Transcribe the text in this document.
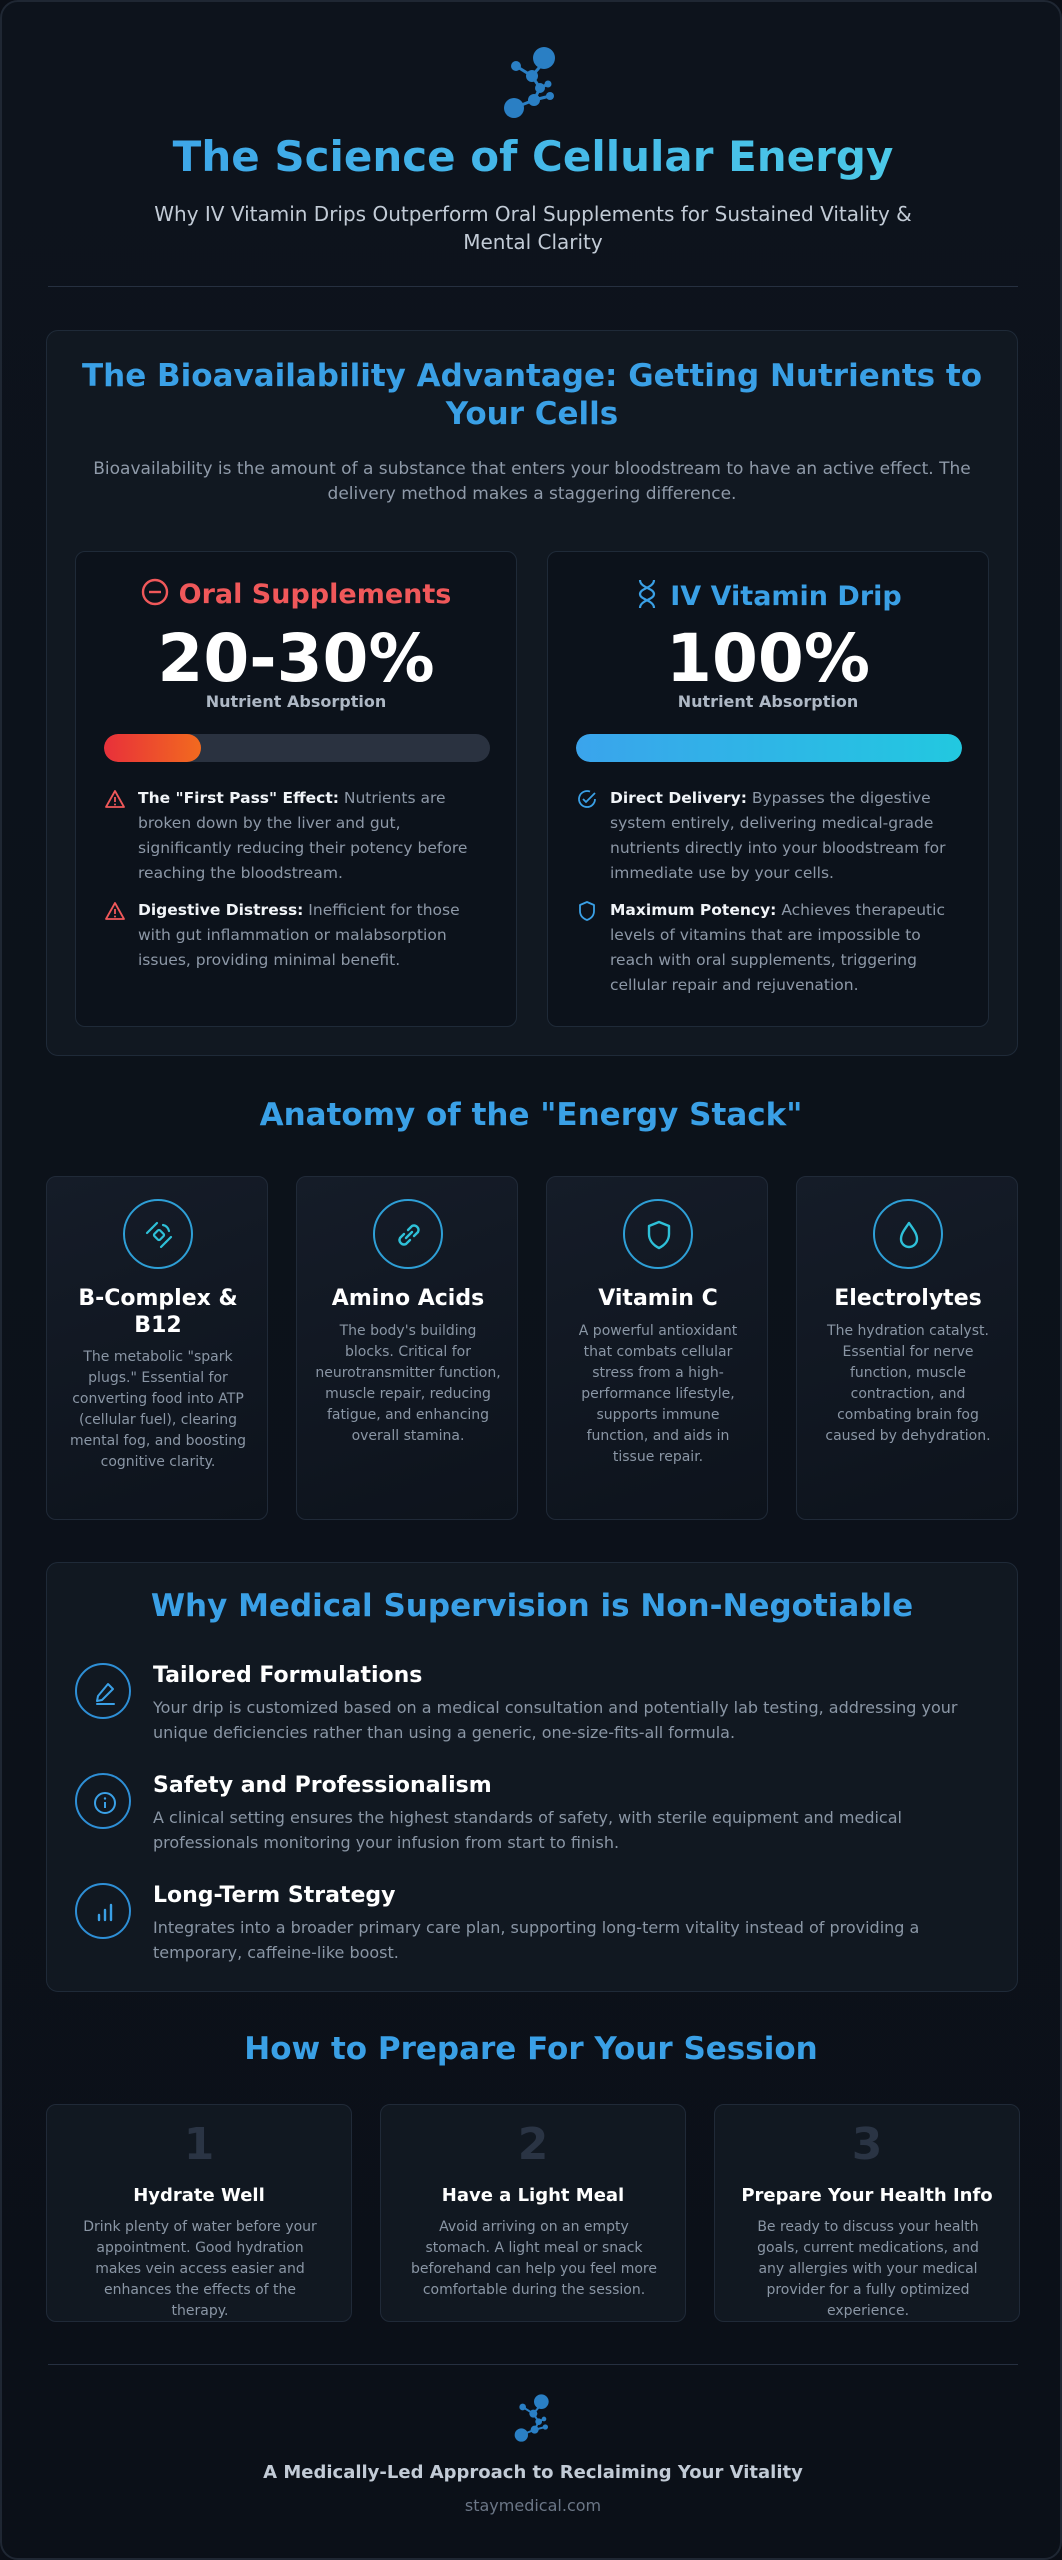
The Science of Cellular Energy
Why IV Vitamin Drips Outperform Oral Supplements for Sustained Vitality & Mental Clarity
The Bioavailability Advantage: Getting Nutrients to Your Cells
Bioavailability is the amount of a substance that enters your bloodstream to have an active effect. The delivery method makes a staggering difference.
Oral Supplements
20-30%
Nutrient Absorption
The "First Pass" Effect: Nutrients are broken down by the liver and gut, significantly reducing their potency before reaching the bloodstream.
Digestive Distress: Inefficient for those with gut inflammation or malabsorption issues, providing minimal benefit.
IV Vitamin Drip
100%
Nutrient Absorption
Direct Delivery: Bypasses the digestive system entirely, delivering medical-grade nutrients directly into your bloodstream for immediate use by your cells.
Maximum Potency: Achieves therapeutic levels of vitamins that are impossible to reach with oral supplements, triggering cellular repair and rejuvenation.
Anatomy of the "Energy Stack"
B-Complex & B12
The metabolic "spark plugs." Essential for converting food into ATP (cellular fuel), clearing mental fog, and boosting cognitive clarity.
Amino Acids
The body's building blocks. Critical for neurotransmitter function, muscle repair, reducing fatigue, and enhancing overall stamina.
Vitamin C
A powerful antioxidant that combats cellular stress from a high-performance lifestyle, supports immune function, and aids in tissue repair.
Electrolytes
The hydration catalyst. Essential for nerve function, muscle contraction, and combating brain fog caused by dehydration.
Why Medical Supervision is Non-Negotiable
Tailored Formulations
Your drip is customized based on a medical consultation and potentially lab testing, addressing your unique deficiencies rather than using a generic, one-size-fits-all formula.
Safety and Professionalism
A clinical setting ensures the highest standards of safety, with sterile equipment and medical professionals monitoring your infusion from start to finish.
Long-Term Strategy
Integrates into a broader primary care plan, supporting long-term vitality instead of providing a temporary, caffeine-like boost.
How to Prepare For Your Session
1
Hydrate Well
Drink plenty of water before your appointment. Good hydration makes vein access easier and enhances the effects of the therapy.
2
Have a Light Meal
Avoid arriving on an empty stomach. A light meal or snack beforehand can help you feel more comfortable during the session.
3
Prepare Your Health Info
Be ready to discuss your health goals, current medications, and any allergies with your medical provider for a fully optimized experience.
A Medically-Led Approach to Reclaiming Your Vitality
staymedical.com
